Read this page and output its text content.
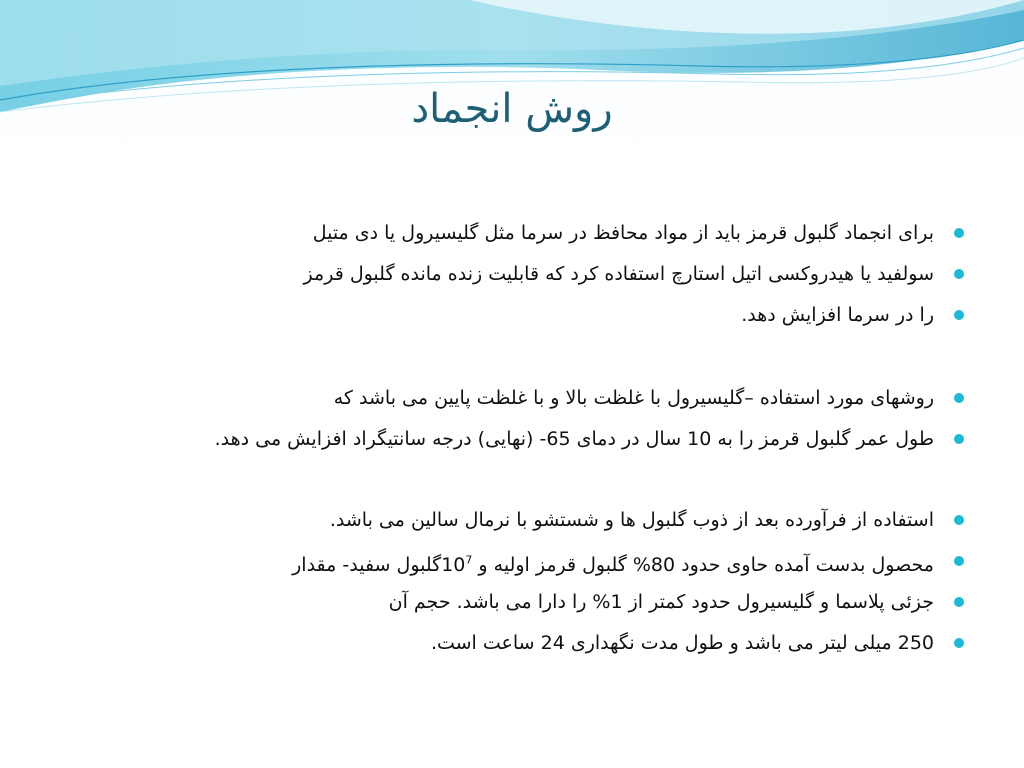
روش انجماد
برای انجماد گلبول قرمز باید از مواد محافظ در سرما مثل گلیسیرول یا دی متیل
سولفید یا هیدروکسی اتیل استارچ استفاده کرد که قابلیت زنده مانده گلبول قرمز
را در سرما افزایش دهد.
روشهای مورد استفاده –گلیسیرول با غلظت بالا و با غلظت پایین می باشد که
طول عمر گلبول قرمز را به 10 سال در دمای 65- (نهایی) درجه سانتیگراد افزایش می دهد.
استفاده از فرآورده بعد از ذوب گلبول ها و شستشو با نرمال سالین می باشد.
محصول بدست آمده حاوی حدود 80% گلبول قرمز اولیه و $10^7گلبول$ سفید- مقدار
جزئی پلاسما و گلیسیرول حدود کمتر از 1% را دارا می باشد. حجم آن
250 میلی لیتر می باشد و طول مدت نگهداری 24 ساعت است.
